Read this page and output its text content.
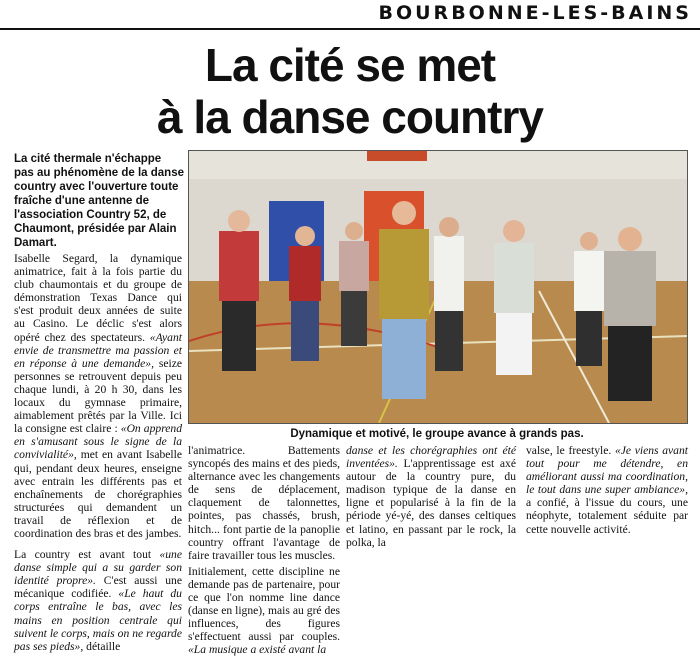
BOURBONNE-LES-BAINS
La cité se met
à la danse country
La cité thermale n'échappe pas au phénomène de la danse country avec l'ouverture toute fraîche d'une antenne de l'association Country 52, de Chaumont, présidée par Alain Damart.
Dynamique et motivé, le groupe avance à grands pas.

Isabelle Segard, la dynamique animatrice, fait à la fois partie du club chaumontais et du groupe de démonstration Texas Dance qui s'est produit deux années de suite au Casino. Le déclic s'est alors opéré chez des spectateurs. «Ayant envie de transmettre ma passion et en réponse à une demande», seize personnes se retrouvent depuis peu chaque lundi, à 20 h 30, dans les locaux du gymnase primaire, aimablement prêtés par la Ville. Ici la consigne est claire : «On apprend en s'amusant sous le signe de la convivialité», met en avant Isabelle qui, pendant deux heures, enseigne avec entrain les différents pas et enchaînements de chorégraphies structurées qui demandent un travail de réflexion et de coordination des bras et des jambes.

La country est avant tout «une danse simple qui a su garder son identité propre». C'est aussi une mécanique codifiée. «Le haut du corps entraîne le bas, avec les mains en position centrale qui suivent le corps, mais on ne regarde pas ses pieds», détaille

l'animatrice. Battements syncopés des mains et des pieds, alternance avec les changements de sens de déplacement, claquement de talonnettes, pointes, pas chassés, brush, hitch... font partie de la panoplie country offrant l'avantage de faire travailler tous les muscles.

Initialement, cette discipline ne demande pas de partenaire, pour ce que l'on nomme line dance (danse en ligne), mais au gré des influences, des figures s'effectuent aussi par couples. «La musique a existé avant la

danse et les chorégraphies ont été inventées». L'apprentissage est axé autour de la country pure, du madison typique de la danse en ligne et popularisé à la fin de la période yé-yé, des danses celtiques et latino, en passant par le rock, la polka, la

valse, le freestyle. «Je viens avant tout pour me détendre, en améliorant aussi ma coordination, le tout dans une super ambiance», a confié, à l'issue du cours, une néophyte, totalement séduite par cette nouvelle activité.
